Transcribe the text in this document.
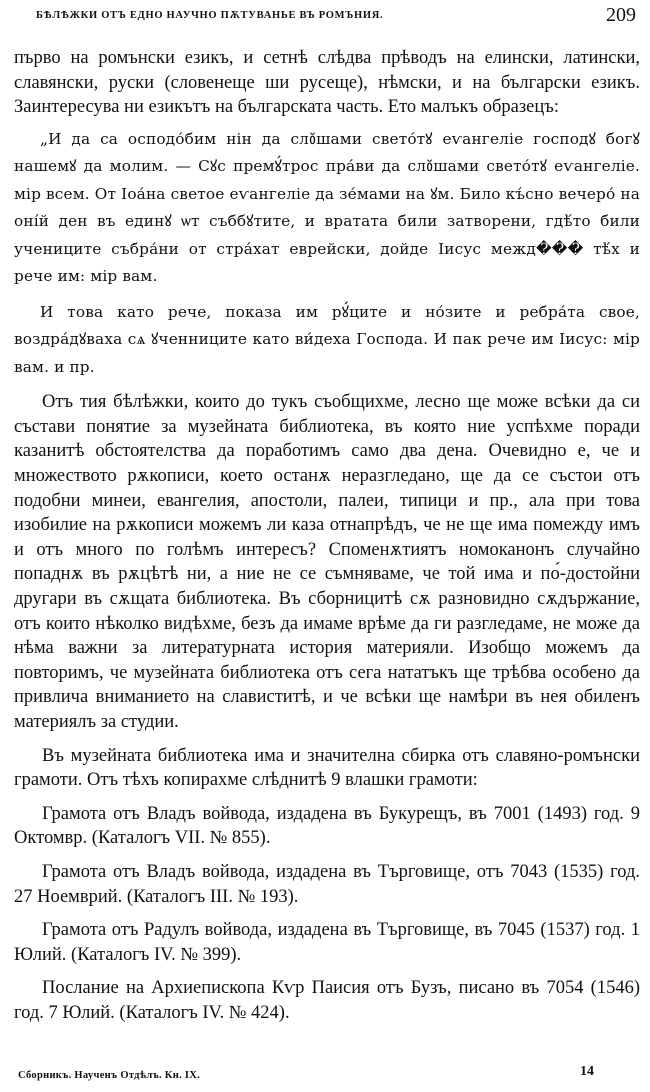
БѢЛѢЖКИ ОТЪ ЕДНО НАУЧНО ПѪТУВАНЬЕ ВЪ РОМЪНИЯ.	209

първо на ромънски езикъ, и сетнѣ слѣдва прѣводъ на елински, латински, славянски, руски (словенеще ши русеще), нѣмски, и на български езикъ. Заинтересува ни езикътъ на българската часть. Ето малъкъ образецъ:

„И да са осподо́бим нін да слᲂ̆шами свето́тꙋ еѵангеліе господꙋ богꙋ нашемꙋ да молим. — Сꙋс премꙋ́трос пра́ви да слᲂ̆шами свето́тꙋ еѵангеліе. мір всем. От Іоа́на светое еѵангеліе да зе́мами на ꙋм. Било къ́сно вечеро́ на оні́й ден въ единꙋ ѡт съббꙋтите, и вратата били затворени, гдѣ́то били учениците събра́ни от стра́хат еврейски, дойде Іисус межд��� тѣ́х и рече им: мір вам.

И това като рече, показа им рꙋ́ците и но́зите и ребра́та свое, воздра́дꙋваха сѧ ꙋченниците като ви́деха Господа. И пак рече им Іисус: мір вам. и пр.

Отъ тия бѣлѣжки, които до тукъ съобщихме, лесно ще може всѣки да си състави понятие за музейната библиотека, въ която ние успѣхме поради казанитѣ обстоятелства да поработимъ само два дена. Очевидно е, че и множеството рѫкописи, което останѫ неразгледано, ще да се състои отъ подобни минеи, евангелия, апостоли, палеи, типици и пр., ала при това изобилие на рѫкописи можемъ ли каза отнапрѣдъ, че не ще има помежду имъ и отъ много по голѣмъ интересъ? Споменѫтиятъ номоканонъ случайно попаднѫ въ рѫцѣтѣ ни, а ние не се съмняваме, че той има и по́-достойни другари въ сѫщата библиотека. Въ сборницитѣ сѫ разновидно сѫдържание, отъ които нѣколко видѣхме, безъ да имаме врѣме да ги разгледаме, не може да нѣма важни за литературната история материяли. Изобщо можемъ да повторимъ, че музейната библиотека отъ сега нататъкъ ще трѣбва особено да привлича вниманието на славиститѣ, и че всѣки ще намѣри въ нея обиленъ материялъ за студии.

Въ музейната библиотека има и значителна сбирка отъ славяно-ромънски грамоти. Отъ тѣхъ копирахме слѣднитѣ 9 влашки грамоти:

Грамота отъ Владъ войвода, издадена въ Букурещъ, въ 7001 (1493) год. 9 Октомвр. (Каталогъ VII. № 855).

Грамота отъ Владъ войвода, издадена въ Търговище, отъ 7043 (1535) год. 27 Ноемврий. (Каталогъ III. № 193).

Грамота отъ Радулъ войвода, издадена въ Търговище, въ 7045 (1537) год. 1 Юлий. (Каталогъ IV. № 399).

Послание на Архиепископа Кѵр Паисия отъ Бузъ, писано въ 7054 (1546) год. 7 Юлий. (Каталогъ IV. № 424).

Сборникъ. Наученъ Отдѣлъ. Кн. IX.	14
